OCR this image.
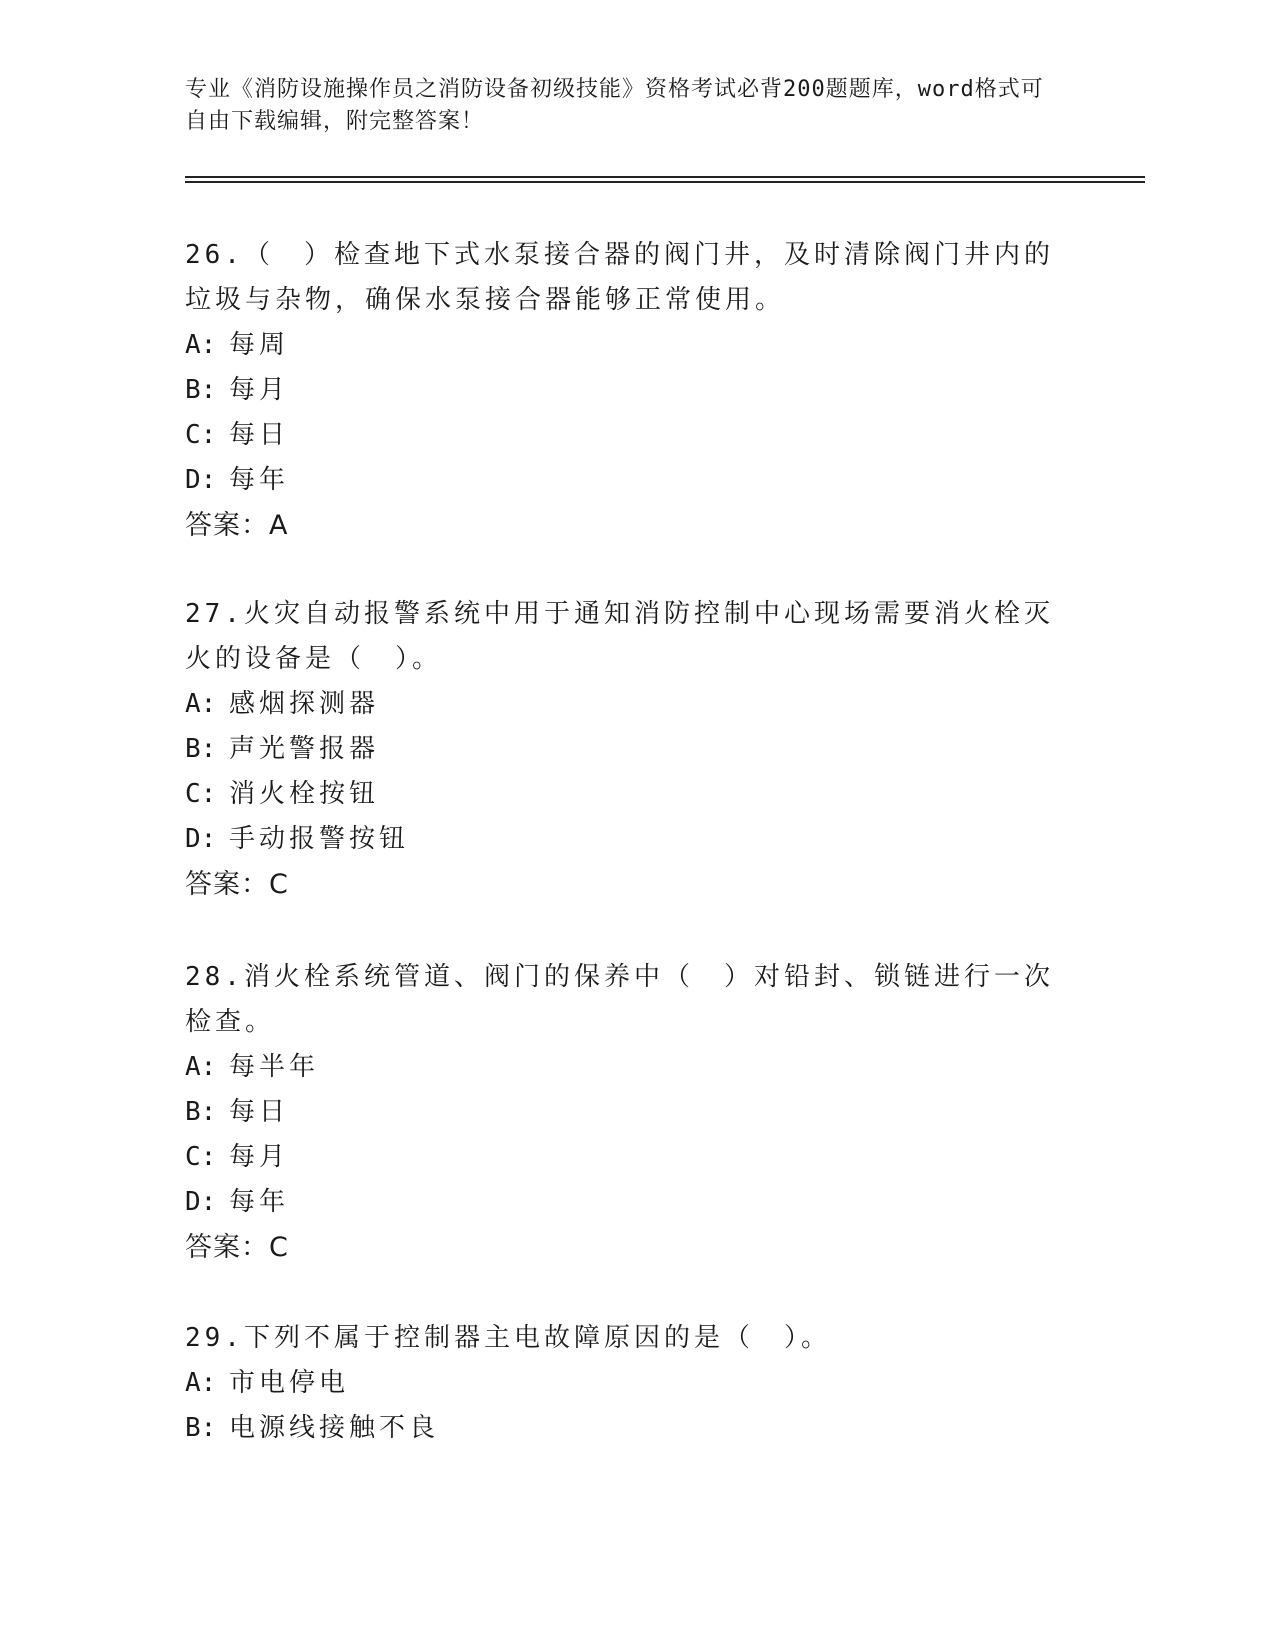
专业《消防设施操作员之消防设备初级技能》资格考试必背200题题库，word格式可自由下载编辑，附完整答案！

26.（　）检查地下式水泵接合器的阀门井，及时清除阀门井内的垃圾与杂物，确保水泵接合器能够正常使用。

A: 每周
B: 每月
C: 每日
D: 每年

答案：A

27.火灾自动报警系统中用于通知消防控制中心现场需要消火栓灭火的设备是（　）。

A: 感烟探测器
B: 声光警报器
C: 消火栓按钮
D: 手动报警按钮

答案：C

28.消火栓系统管道、阀门的保养中（　）对铅封、锁链进行一次检查。

A: 每半年
B: 每日
C: 每月
D: 每年

答案：C

29.下列不属于控制器主电故障原因的是（　）。

A: 市电停电
B: 电源线接触不良
